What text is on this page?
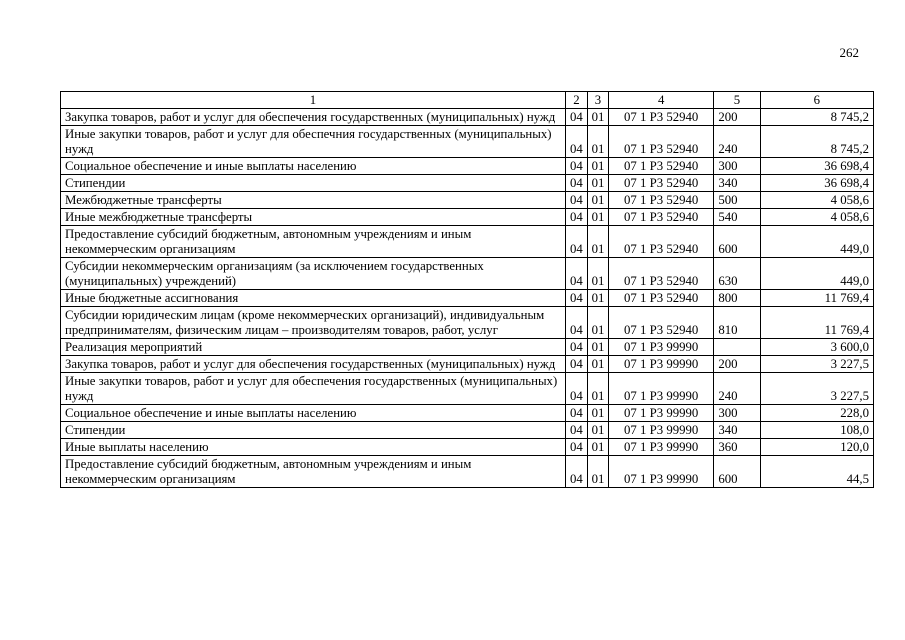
262
1	2	3	4	5	6
Закупка товаров, работ и услуг для обеспечения государственных (муниципальных) нужд	04	01	07 1 Р3 52940	200	8 745,2
Иные закупки товаров, работ и услуг для обеспечния государственных (муниципальных) нужд	04	01	07 1 Р3 52940	240	8 745,2
Социальное обеспечение и иные выплаты населению	04	01	07 1 Р3 52940	300	36 698,4
Стипендии	04	01	07 1 Р3 52940	340	36 698,4
Межбюджетные трансферты	04	01	07 1 Р3 52940	500	4 058,6
Иные межбюджетные трансферты	04	01	07 1 Р3 52940	540	4 058,6
Предоставление субсидий бюджетным, автономным учреждениям и иным некоммерческим организациям	04	01	07 1 Р3 52940	600	449,0
Субсидии некоммерческим организациям (за исключением государственных (муниципальных) учреждений)	04	01	07 1 Р3 52940	630	449,0
Иные бюджетные ассигнования	04	01	07 1 Р3 52940	800	11 769,4
Субсидии юридическим лицам (кроме некоммерческих организаций), индивидуальным предпринимателям, физическим лицам – производителям товаров, работ, услуг	04	01	07 1 Р3 52940	810	11 769,4
Реализация мероприятий	04	01	07 1 Р3 99990		3 600,0
Закупка товаров, работ и услуг для обеспечения государственных (муниципальных) нужд	04	01	07 1 Р3 99990	200	3 227,5
Иные закупки товаров, работ и услуг для обеспечения государственных (муниципальных) нужд	04	01	07 1 Р3 99990	240	3 227,5
Социальное обеспечение и иные выплаты населению	04	01	07 1 Р3 99990	300	228,0
Стипендии	04	01	07 1 Р3 99990	340	108,0
Иные выплаты населению	04	01	07 1 Р3 99990	360	120,0
Предоставление субсидий бюджетным, автономным учреждениям и иным некоммерческим организациям	04	01	07 1 Р3 99990	600	44,5
